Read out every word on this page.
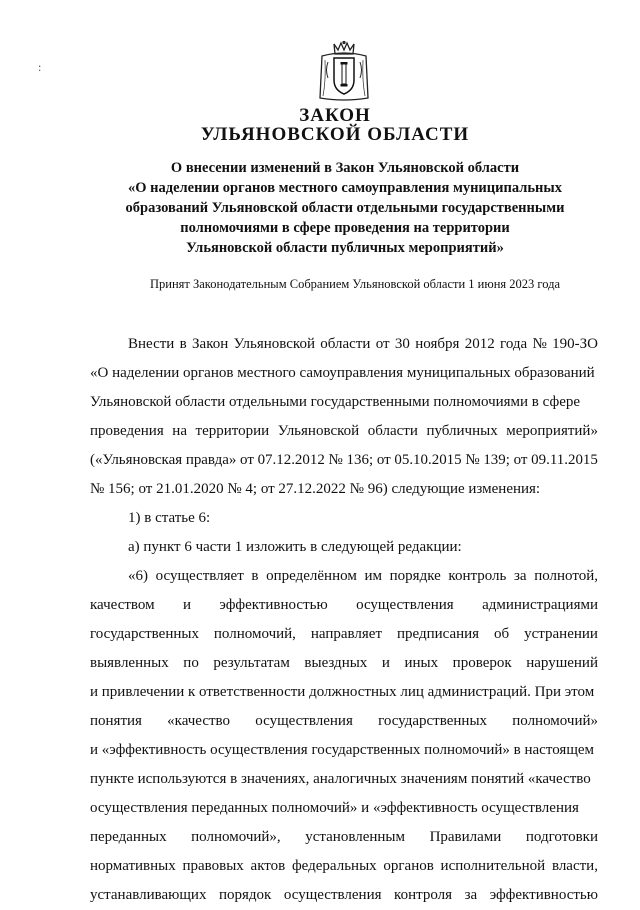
:
ЗАКОН
УЛЬЯНОВСКОЙ ОБЛАСТИ
О внесении изменений в Закон Ульяновской области
«О наделении органов местного самоуправления муниципальных
образований Ульяновской области отдельными государственными
полномочиями в сфере проведения на территории
Ульяновской области публичных мероприятий»
Принят Законодательным Собранием Ульяновской области 1 июня 2023 года
Внести в Закон Ульяновской области от 30 ноября 2012 года № 190-ЗО
«О наделении органов местного самоуправления муниципальных образований
Ульяновской области отдельными государственными полномочиями в сфере
проведения на территории Ульяновской области публичных мероприятий»
(«Ульяновская правда» от 07.12.2012 № 136; от 05.10.2015 № 139; от 09.11.2015
№ 156; от 21.01.2020 № 4; от 27.12.2022 № 96) следующие изменения:
1) в статье 6:
а) пункт 6 части 1 изложить в следующей редакции:
«6) осуществляет в определённом им порядке контроль за полнотой,
качеством и эффективностью осуществления администрациями
государственных полномочий, направляет предписания об устранении
выявленных по результатам выездных и иных проверок нарушений
и привлечении к ответственности должностных лиц администраций. При этом
понятия «качество осуществления государственных полномочий»
и «эффективность осуществления государственных полномочий» в настоящем
пункте используются в значениях, аналогичных значениям понятий «качество
осуществления переданных полномочий» и «эффективность осуществления
переданных полномочий», установленным Правилами подготовки
нормативных правовых актов федеральных органов исполнительной власти,
устанавливающих порядок осуществления контроля за эффективностью
